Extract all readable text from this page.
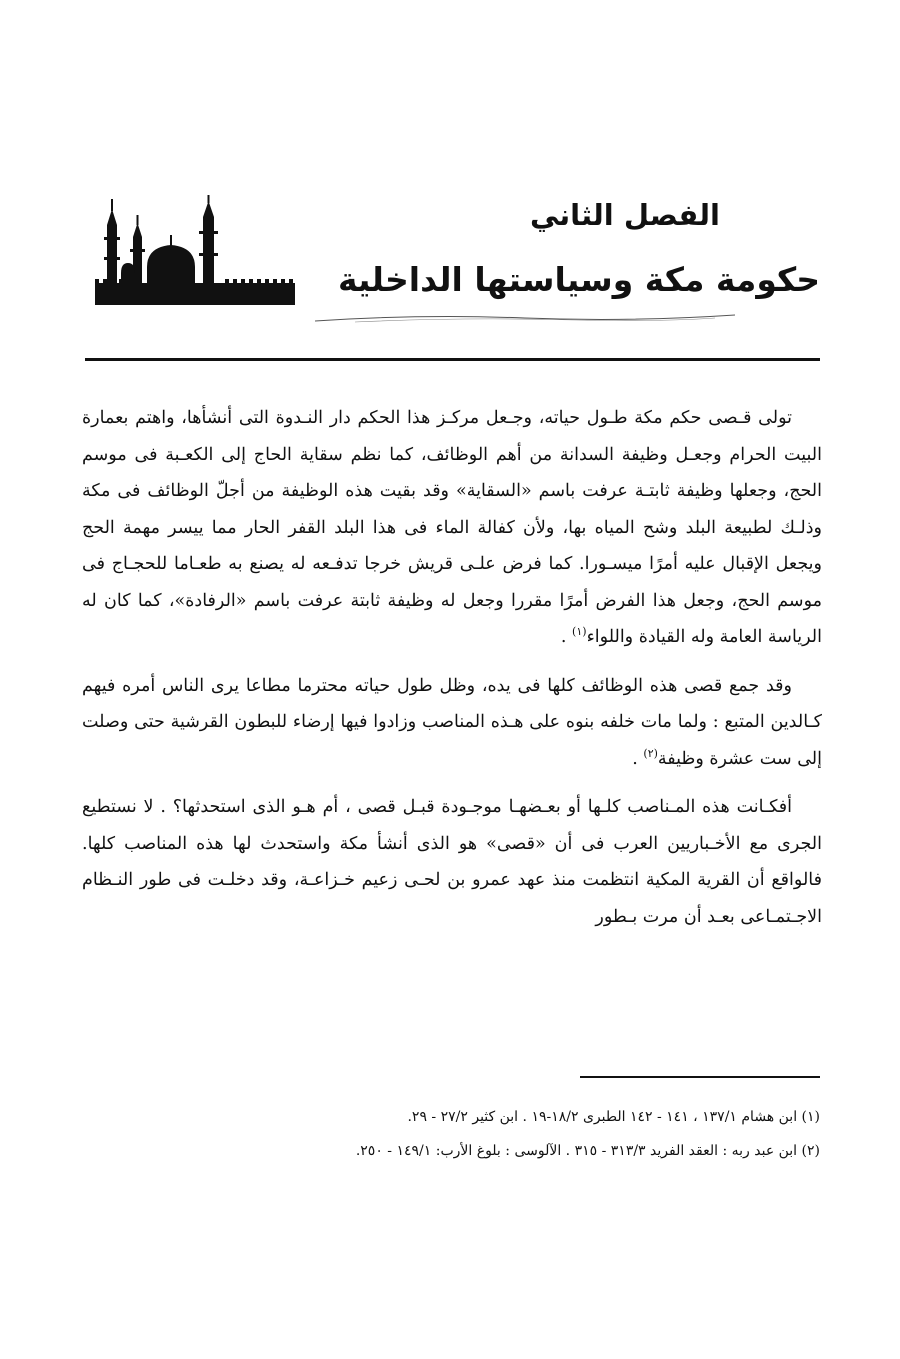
الفصل الثاني
حكومة مكة وسياستها الداخلية

تولى قـصى حكم مكة طـول حياته، وجـعل مركـز هذا الحكم دار النـدوة التى أنشأها، واهتم بعمارة البيت الحرام وجعـل وظيفة السدانة من أهم الوظائف، كما نظم سقاية الحاج إلى الكعـبة فى موسم الحج، وجعلها وظيفة ثابتـة عرفت باسم «السقاية» وقد بقيت هذه الوظيفة من أجلّ الوظائف فى مكة وذلـك لطبيعة البلد وشح المياه بها، ولأن كفالة الماء فى هذا البلد القفر الحار مما ييسر مهمة الحج ويجعل الإقبال عليه أمرًا ميسـورا. كما فرض علـى قريش خرجا تدفـعه له يصنع به طعـاما للحجـاج فى موسم الحج، وجعل هذا الفرض أمرًا مقررا وجعل له وظيفة ثابتة عرفت باسم «الرفادة»، كما كان له الرياسة العامة وله القيادة واللواء$^{(١)}$ .

وقد جمع قصى هذه الوظائف كلها فى يده، وظل طول حياته محترما مطاعا يرى الناس أمره فيهم كـالدين المتبع : ولما مات خلفه بنوه على هـذه المناصب وزادوا فيها إرضاء للبطون القرشية حتى وصلت إلى ست عشرة وظيفة$^{(٢)}$ .

أفكـانت هذه المـناصب كلـها أو بعـضهـا موجـودة قبـل قصى ، أم هـو الذى استحدثها؟ . لا نستطيع الجرى مع الأخـباريين العرب فى أن «قصى» هو الذى أنشأ مكة واستحدث لها هذه المناصب كلها. فالواقع أن القرية المكية انتظمت منذ عهد عمرو بن لحـى زعيم خـزاعـة، وقد دخلـت فى طور النـظام الاجـتمـاعى بعـد أن مرت بـطور

(١) ابن هشام ١٣٧/١ ، ١٤١ - ١٤٢ الطبرى ١٨/٢-١٩ . ابن كثير ٢٧/٢ - ٢٩.
(٢) ابن عبد ربه : العقد الفريد ٣١٣/٣ - ٣١٥ . الآلوسى : بلوغ الأرب: ١٤٩/١ - ٢٥٠.
